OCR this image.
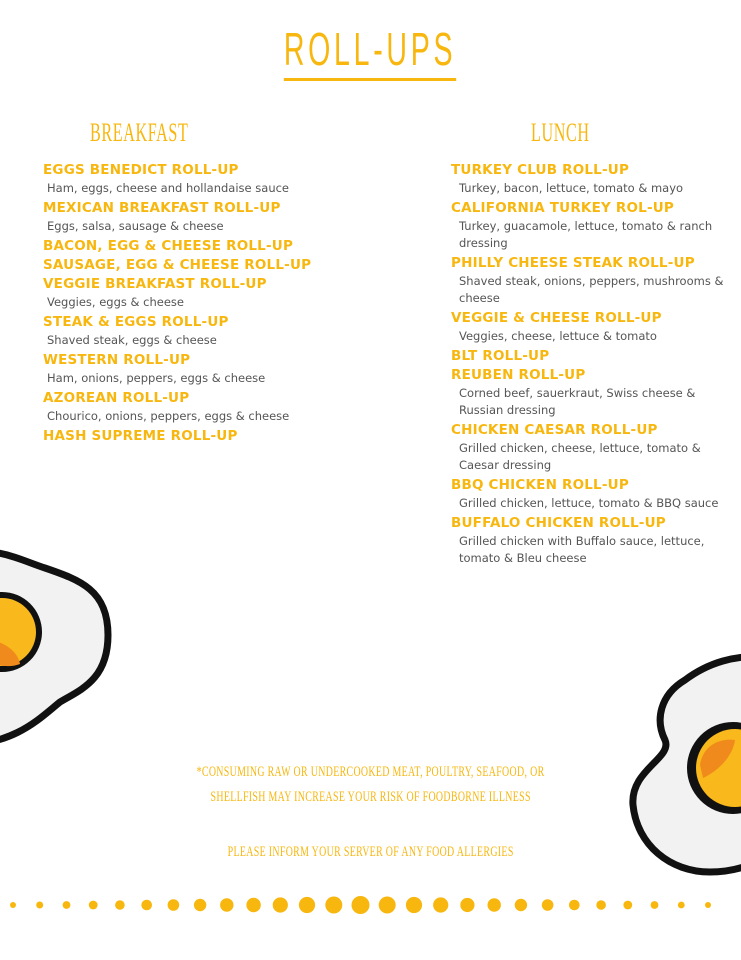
ROLL-UPS
BREAKFAST	LUNCH
EGGS BENEDICT ROLL-UP
Ham, eggs, cheese and hollandaise sauce
MEXICAN BREAKFAST ROLL-UP
Eggs, salsa, sausage & cheese
BACON, EGG & CHEESE ROLL-UP
SAUSAGE, EGG & CHEESE ROLL-UP
VEGGIE BREAKFAST ROLL-UP
Veggies, eggs & cheese
STEAK & EGGS ROLL-UP
Shaved steak, eggs & cheese
WESTERN ROLL-UP
Ham, onions, peppers, eggs & cheese
AZOREAN ROLL-UP
Chourico, onions, peppers, eggs & cheese
HASH SUPREME ROLL-UP
TURKEY CLUB ROLL-UP
Turkey, bacon, lettuce, tomato & mayo
CALIFORNIA TURKEY ROL-UP
Turkey, guacamole, lettuce, tomato & ranch dressing
PHILLY CHEESE STEAK ROLL-UP
Shaved steak, onions, peppers, mushrooms & cheese
VEGGIE & CHEESE ROLL-UP
Veggies, cheese, lettuce & tomato
BLT ROLL-UP
REUBEN ROLL-UP
Corned beef, sauerkraut, Swiss cheese & Russian dressing
CHICKEN CAESAR ROLL-UP
Grilled chicken, cheese, lettuce, tomato & Caesar dressing
BBQ CHICKEN ROLL-UP
Grilled chicken, lettuce, tomato & BBQ sauce
BUFFALO CHICKEN ROLL-UP
Grilled chicken with Buffalo sauce, lettuce, tomato & Bleu cheese
*CONSUMING RAW OR UNDERCOOKED MEAT, POULTRY, SEAFOOD, OR
SHELLFISH MAY INCREASE YOUR RISK OF FOODBORNE ILLNESS
PLEASE INFORM YOUR SERVER OF ANY FOOD ALLERGIES
